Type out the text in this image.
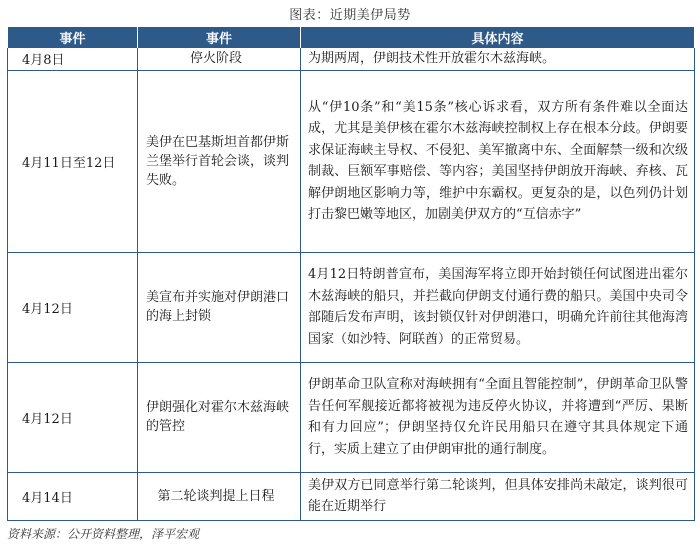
图表：近期美伊局势
事件	事件	具体内容
4月8日	停火阶段	为期两周，伊朗技术性开放霍尔木兹海峡。
4月11日至12日	美伊在巴基斯坦首都伊斯兰堡举行首轮会谈，谈判失败。	从“伊10条”和“美15条”核心诉求看，双方所有条件难以全面达成，尤其是美伊核在霍尔木兹海峡控制权上存在根本分歧。伊朗要求保证海峡主导权、不侵犯、美军撤离中东、全面解禁一级和次级制裁、巨额军事赔偿、等内容；美国坚持伊朗放开海峡、弃核、瓦解伊朗地区影响力等，维护中东霸权。更复杂的是，以色列仍计划打击黎巴嫩等地区，加剧美伊双方的“互信赤字”
4月12日	美宣布并实施对伊朗港口的海上封锁	4月12日特朗普宣布，美国海军将立即开始封锁任何试图进出霍尔木兹海峡的船只，并拦截向伊朗支付通行费的船只。美国中央司令部随后发布声明，该封锁仅针对伊朗港口，明确允许前往其他海湾国家（如沙特、阿联酋）的正常贸易。
4月12日	伊朗强化对霍尔木兹海峡的管控	伊朗革命卫队宣称对海峡拥有“全面且智能控制”，伊朗革命卫队警告任何军舰接近都将被视为违反停火协议，并将遭到“严厉、果断和有力回应”；伊朗坚持仅允许民用船只在遵守其具体规定下通行，实质上建立了由伊朗审批的通行制度。
4月14日	第二轮谈判提上日程	美伊双方已同意举行第二轮谈判，但具体安排尚未敲定，谈判很可能在近期举行
资料来源：公开资料整理，泽平宏观
